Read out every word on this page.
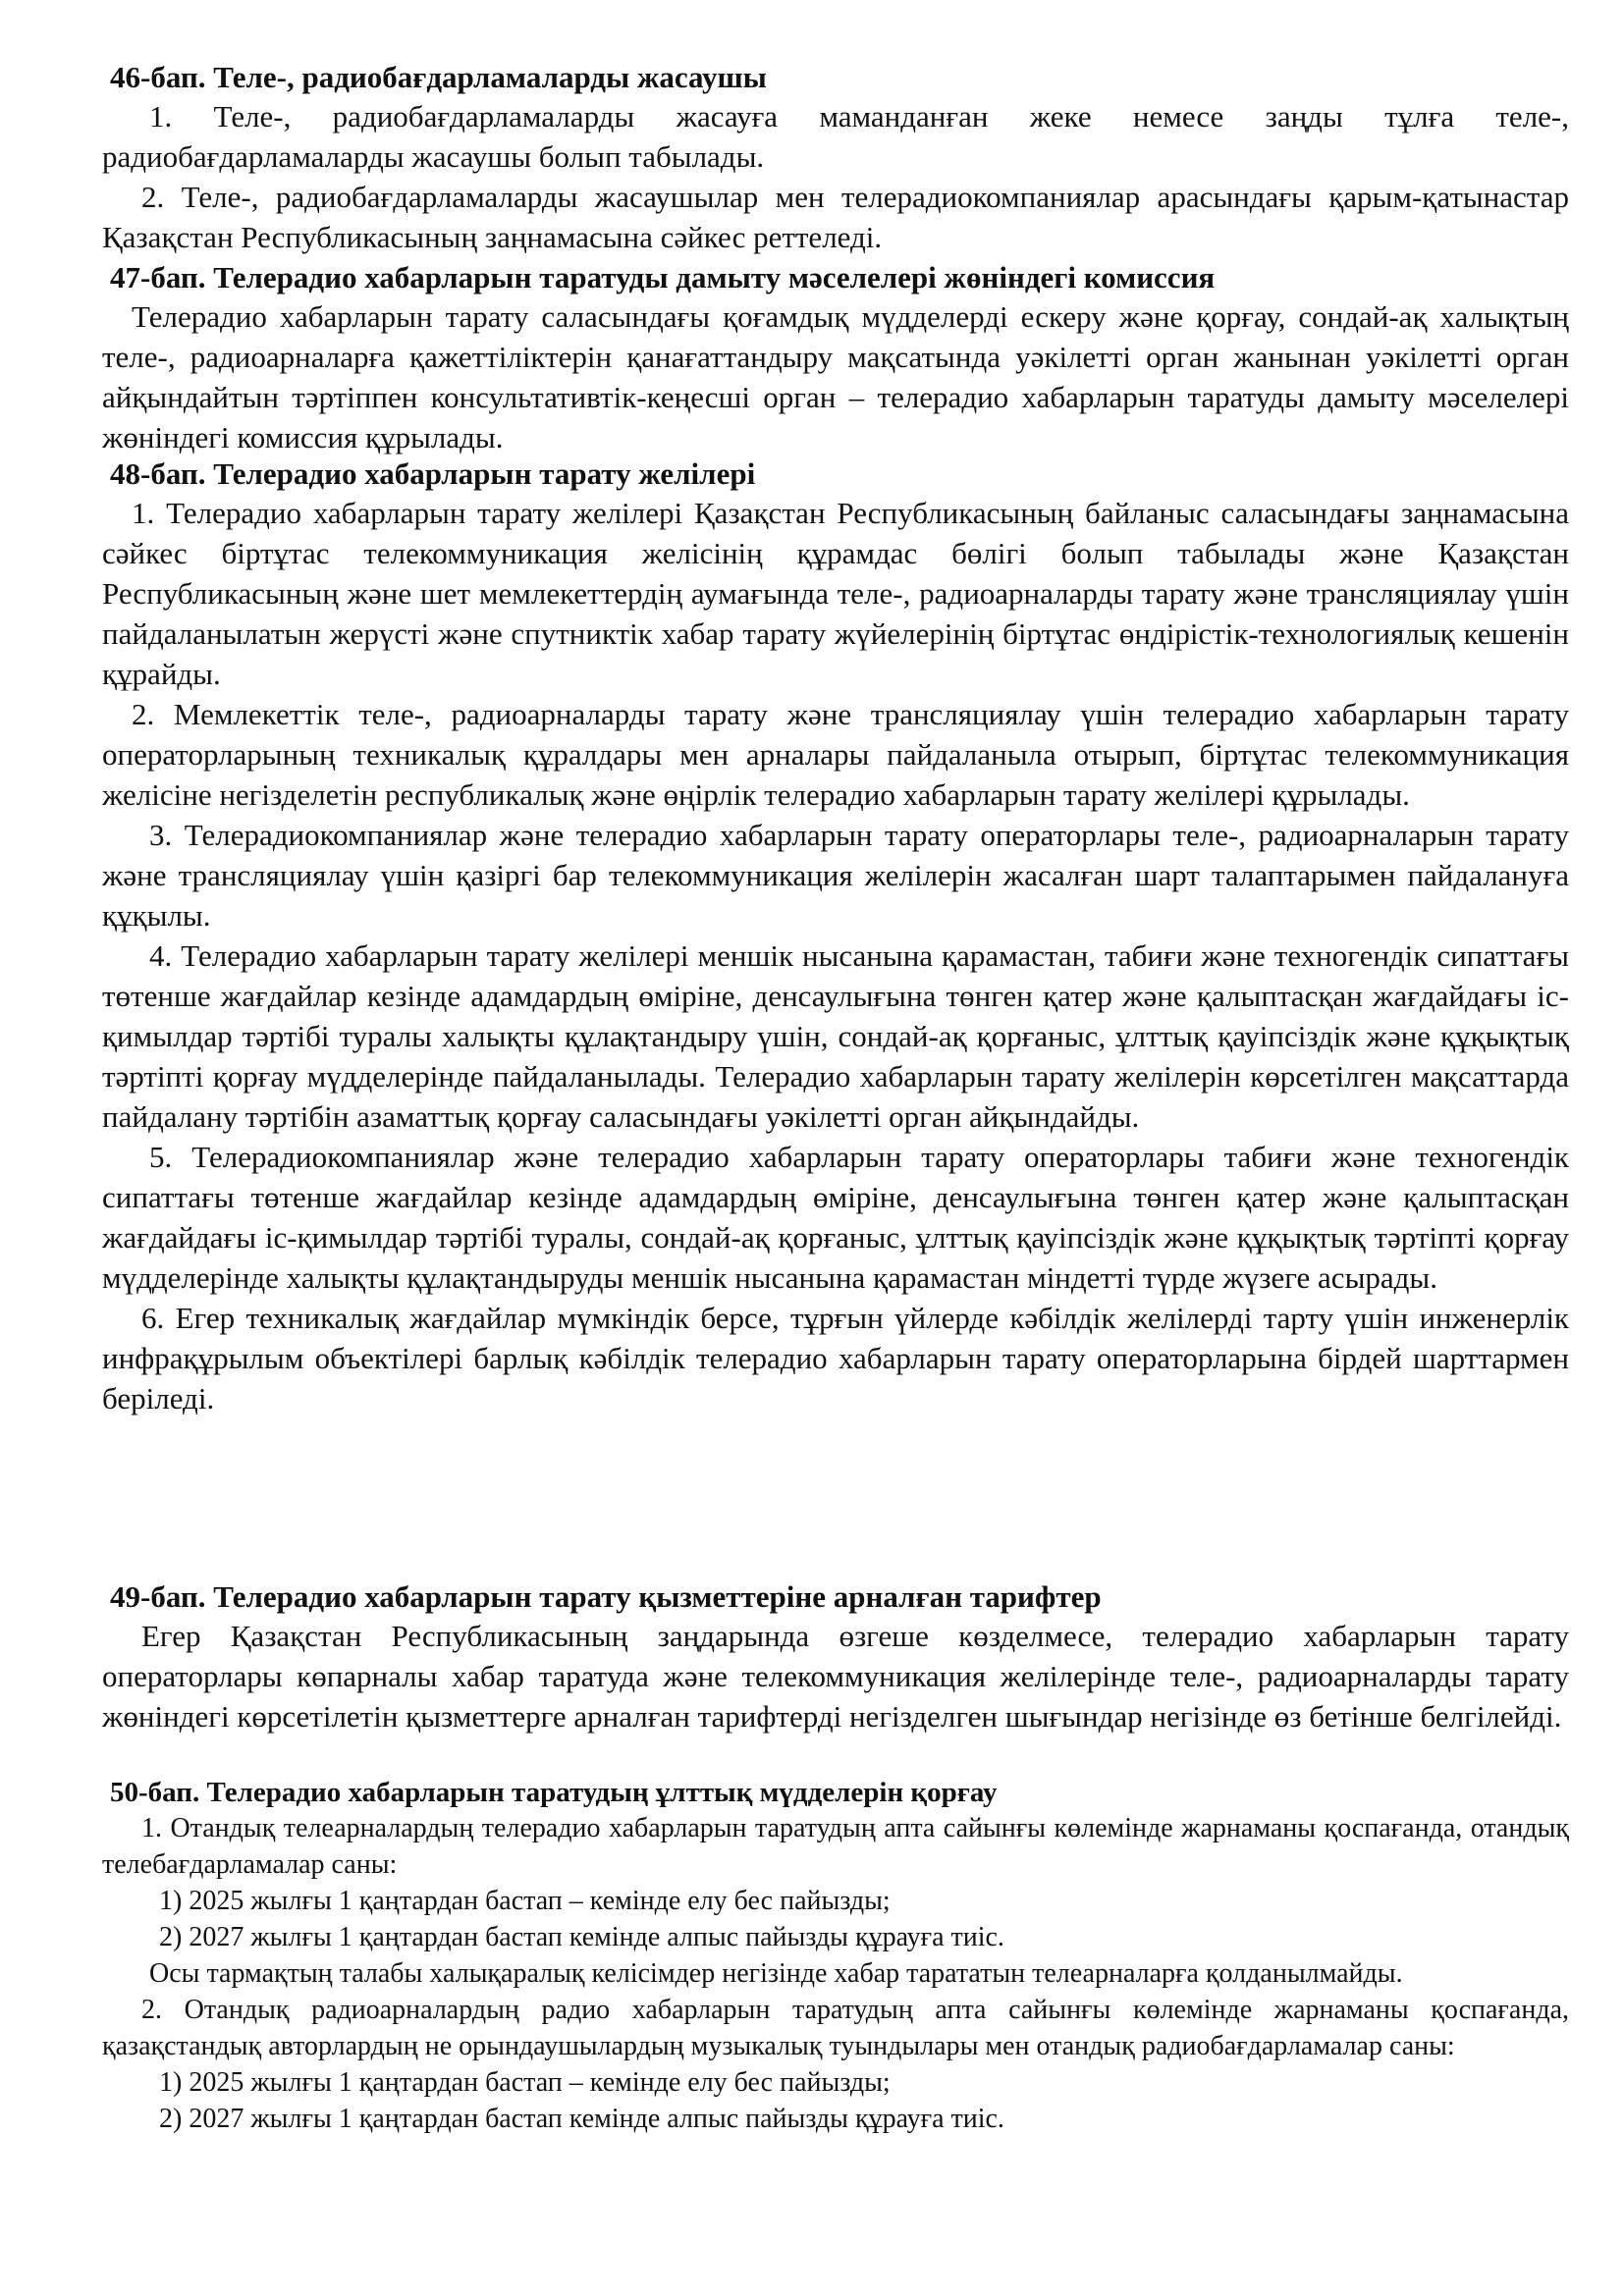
46-бап. Теле-, радиобағдарламаларды жасаушы

1. Теле-, радиобағдарламаларды жасауға маманданған жеке немесе заңды тұлға теле-, радиобағдарламаларды жасаушы болып табылады.

2. Теле-, радиобағдарламаларды жасаушылар мен телерадиокомпаниялар арасындағы қарым-қатынастар Қазақстан Республикасының заңнамасына сәйкес реттеледі.

47-бап. Телерадио хабарларын таратуды дамыту мәселелері жөніндегі комиссия

Телерадио хабарларын тарату саласындағы қоғамдық мүдделерді ескеру және қорғау, сондай-ақ халықтың теле-, радиоарналарға қажеттіліктерін қанағаттандыру мақсатында уәкілетті орган жанынан уәкілетті орган айқындайтын тәртіппен консультативтік-кеңесші орган – телерадио хабарларын таратуды дамыту мәселелері жөніндегі комиссия құрылады.

48-бап. Телерадио хабарларын тарату желілері

1. Телерадио хабарларын тарату желілері Қазақстан Республикасының байланыс саласындағы заңнамасына сәйкес біртұтас телекоммуникация желісінің құрамдас бөлігі болып табылады және Қазақстан Республикасының және шет мемлекеттердің аумағында теле-, радиоарналарды тарату және трансляциялау үшін пайдаланылатын жерүсті және спутниктік хабар тарату жүйелерінің біртұтас өндірістік-технологиялық кешенін құрайды.

2. Мемлекеттік теле-, радиоарналарды тарату және трансляциялау үшін телерадио хабарларын тарату операторларының техникалық құралдары мен арналары пайдаланыла отырып, біртұтас телекоммуникация желісіне негізделетін республикалық және өңірлік телерадио хабарларын тарату желілері құрылады.

3. Телерадиокомпаниялар және телерадио хабарларын тарату операторлары теле-, радиоарналарын тарату және трансляциялау үшін қазіргі бар телекоммуникация желілерін жасалған шарт талаптарымен пайдалануға құқылы.

4. Телерадио хабарларын тарату желілері меншік нысанына қарамастан, табиғи және техногендік сипаттағы төтенше жағдайлар кезінде адамдардың өміріне, денсаулығына төнген қатер және қалыптасқан жағдайдағы іс-қимылдар тәртібі туралы халықты құлақтандыру үшін, сондай-ақ қорғаныс, ұлттық қауіпсіздік және құқықтық тәртіпті қорғау мүдделерінде пайдаланылады. Телерадио хабарларын тарату желілерін көрсетілген мақсаттарда пайдалану тәртібін азаматтық қорғау саласындағы уәкілетті орган айқындайды.

5. Телерадиокомпаниялар және телерадио хабарларын тарату операторлары табиғи және техногендік сипаттағы төтенше жағдайлар кезінде адамдардың өміріне, денсаулығына төнген қатер және қалыптасқан жағдайдағы іс-қимылдар тәртібі туралы, сондай-ақ қорғаныс, ұлттық қауіпсіздік және құқықтық тәртіпті қорғау мүдделерінде халықты құлақтандыруды меншік нысанына қарамастан міндетті түрде жүзеге асырады.

6. Егер техникалық жағдайлар мүмкіндік берсе, тұрғын үйлерде кәбілдік желілерді тарту үшін инженерлік инфрақұрылым объектілері барлық кәбілдік телерадио хабарларын тарату операторларына бірдей шарттармен беріледі.

49-бап. Телерадио хабарларын тарату қызметтеріне арналған тарифтер

Егер Қазақстан Республикасының заңдарында өзгеше көзделмесе, телерадио хабарларын тарату операторлары көпарналы хабар таратуда және телекоммуникация желілерінде теле-, радиоарналарды тарату жөніндегі көрсетілетін қызметтерге арналған тарифтерді негізделген шығындар негізінде өз бетінше белгілейді.

50-бап. Телерадио хабарларын таратудың ұлттық мүдделерін қорғау

1. Отандық телеарналардың телерадио хабарларын таратудың апта сайынғы көлемінде жарнаманы қоспағанда, отандық телебағдарламалар саны:

1) 2025 жылғы 1 қаңтардан бастап – кемінде елу бес пайызды;

2) 2027 жылғы 1 қаңтардан бастап кемінде алпыс пайызды құрауға тиіс.

Осы тармақтың талабы халықаралық келісімдер негізінде хабар тарататын телеарналарға қолданылмайды.

2. Отандық радиоарналардың радио хабарларын таратудың апта сайынғы көлемінде жарнаманы қоспағанда, қазақстандық авторлардың не орындаушылардың музыкалық туындылары мен отандық радиобағдарламалар саны:

1) 2025 жылғы 1 қаңтардан бастап – кемінде елу бес пайызды;

2) 2027 жылғы 1 қаңтардан бастап кемінде алпыс пайызды құрауға тиіс.
